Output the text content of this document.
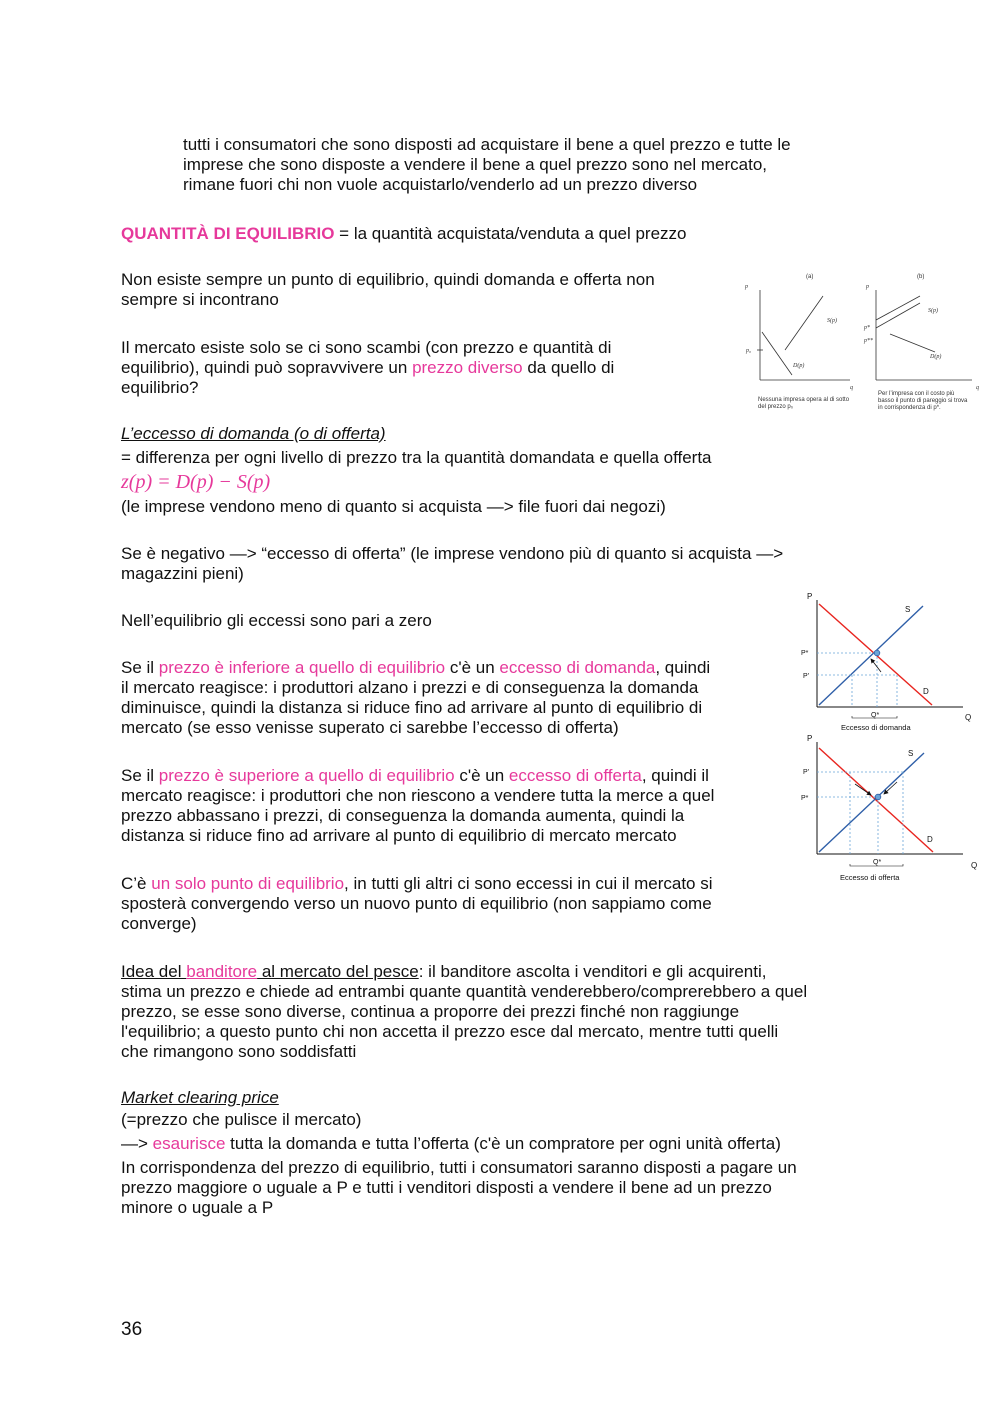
tutti i consumatori che sono disposti ad acquistare il bene a quel prezzo e tutte le

imprese che sono disposte a vendere il bene a quel prezzo sono nel mercato,

rimane fuori chi non vuole acquistarlo/venderlo ad un prezzo diverso

QUANTITÀ DI EQUILIBRIO = la quantità acquistata/venduta a quel prezzo

Non esiste sempre un punto di equilibrio, quindi domanda e offerta non

sempre si incontrano

Il mercato esiste solo se ci sono scambi (con prezzo e quantità di

equilibrio), quindi può sopravvivere un prezzo diverso da quello di

equilibrio?

(a)
p
q
p₀
S(p)
D(p)
Nessuna impresa opera al di sotto
del prezzo p₀
(b)
p
q
p*
p**
S(p)
D(p)
Per l’impresa con il costo più
basso il punto di pareggio si trova
in corrispondenza di p*.

L’eccesso di domanda (o di offerta)

= differenza per ogni livello di prezzo tra la quantità domandata e quella offerta

z(p) = D(p) − S(p)

(le imprese vendono meno di quanto si acquista —> file fuori dai negozi)

Se è negativo —> “eccesso di offerta” (le imprese vendono più di quanto si acquista —>

magazzini pieni)

Nell’equilibrio gli eccessi sono pari a zero

Se il prezzo è inferiore a quello di equilibrio c'è un eccesso di domanda, quindi

il mercato reagisce: i produttori alzano i prezzi e di conseguenza la domanda

diminuisce, quindi la distanza si riduce fino ad arrivare al punto di equilibrio di

mercato (se esso venisse superato ci sarebbe l’eccesso di offerta)

Se il prezzo è superiore a quello di equilibrio c'è un eccesso di offerta, quindi il

mercato reagisce: i produttori che non riescono a vendere tutta la merce a quel

prezzo abbassano i prezzi, di conseguenza la domanda aumenta, quindi la

distanza si riduce fino ad arrivare al punto di equilibrio di mercato mercato

P
Q
S
D
P*
P'
Q*
Eccesso di domanda
P
Q
S
D
P'
P*
Q*
Eccesso di offerta

C’è un solo punto di equilibrio, in tutti gli altri ci sono eccessi in cui il mercato si

sposterà convergendo verso un nuovo punto di equilibrio (non sappiamo come

converge)

Idea del banditore al mercato del pesce: il banditore ascolta i venditori e gli acquirenti,

stima un prezzo e chiede ad entrambi quante quantità venderebbero/comprerebbero a quel

prezzo, se esse sono diverse, continua a proporre dei prezzi finché non raggiunge

l'equilibrio; a questo punto chi non accetta il prezzo esce dal mercato, mentre tutti quelli

che rimangono sono soddisfatti

Market clearing price

(=prezzo che pulisce il mercato)

—> esaurisce tutta la domanda e tutta l’offerta (c'è un compratore per ogni unità offerta)

In corrispondenza del prezzo di equilibrio, tutti i consumatori saranno disposti a pagare un

prezzo maggiore o uguale a P e tutti i venditori disposti a vendere il bene ad un prezzo

minore o uguale a P

36
